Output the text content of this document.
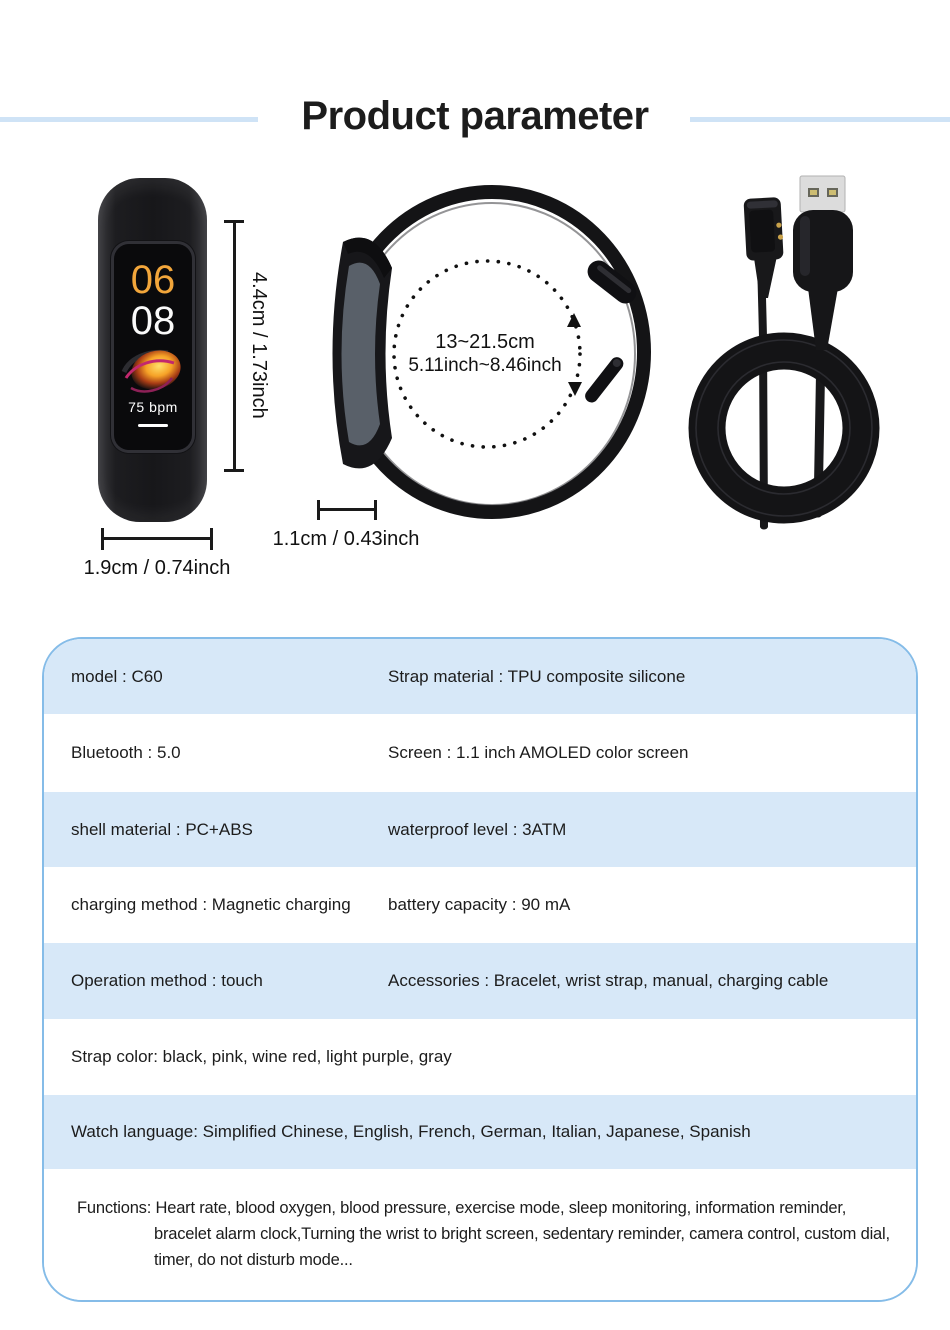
Product parameter
06
08
75 bpm	4.4cm / 1.73inch
1.9cm / 0.74inch
1.1cm / 0.43inch
13~21.5cm
5.11inch~8.46inch
model : C60	Strap material : TPU composite silicone
Bluetooth : 5.0	Screen : 1.1 inch AMOLED color screen
shell material : PC+ABS	waterproof level : 3ATM
charging method : Magnetic charging	battery capacity : 90 mA
Operation method : touch	Accessories : Bracelet, wrist strap, manual, charging cable
Strap color: black, pink, wine red, light purple, gray
Watch language: Simplified Chinese, English, French, German, Italian, Japanese, Spanish
Functions: Heart rate, blood oxygen, blood pressure, exercise mode, sleep monitoring, information reminder, bracelet alarm clock,Turning the wrist to bright screen, sedentary reminder, camera control, custom dial, timer, do not disturb mode...
